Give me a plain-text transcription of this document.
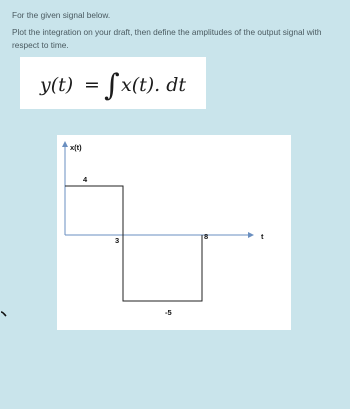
For the given signal below.

Plot the integration on your draft, then define the amplitudes of the output signal with respect to time.

y(t) = ∫ x(t). dt
x(t)
t
4
3	8
-5
